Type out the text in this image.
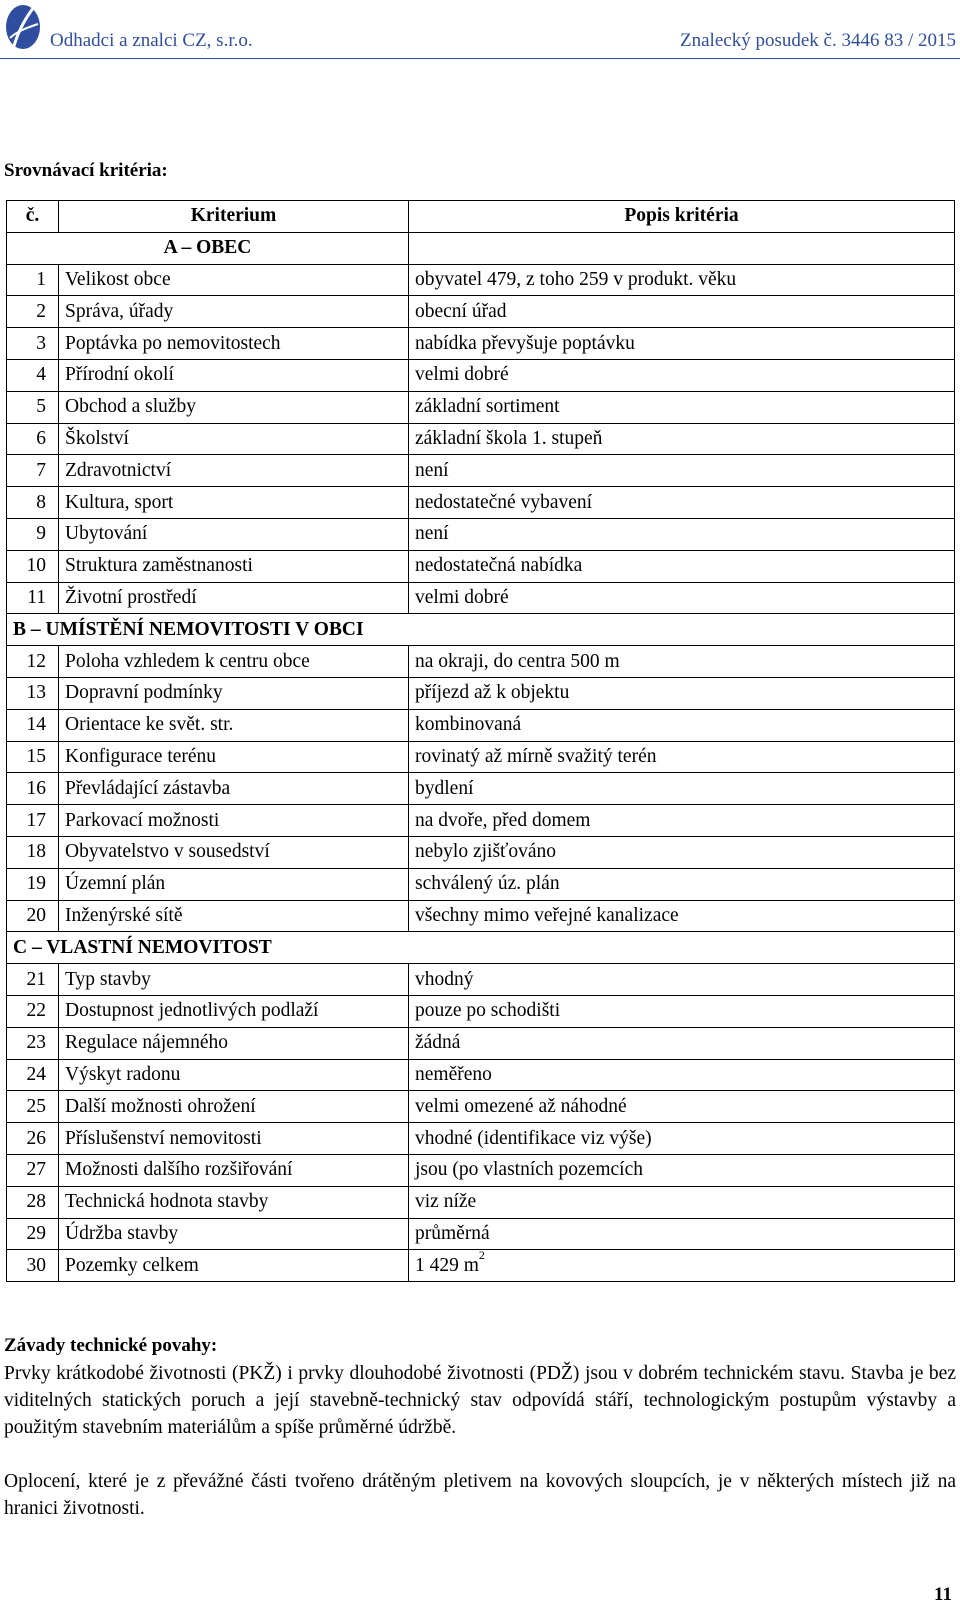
Odhadci a znalci CZ, s.r.o.	Znalecký posudek č. 3446 83 / 2015
Srovnávací kritéria:
č.	Kriterium	Popis kritéria
A – OBEC		
1	Velikost obce	obyvatel 479, z toho 259 v produkt. věku
2	Správa, úřady	obecní úřad
3	Poptávka po nemovitostech	nabídka převyšuje poptávku
4	Přírodní okolí	velmi dobré
5	Obchod a služby	základní sortiment
6	Školství	základní škola 1. stupeň
7	Zdravotnictví	není
8	Kultura, sport	nedostatečné vybavení
9	Ubytování	není
10	Struktura zaměstnanosti	nedostatečná nabídka
11	Životní prostředí	velmi dobré
B – UMÍSTĚNÍ NEMOVITOSTI V OBCI		
12	Poloha vzhledem k centru obce	na okraji, do centra 500 m
13	Dopravní podmínky	příjezd až k objektu
14	Orientace ke svět. str.	kombinovaná
15	Konfigurace terénu	rovinatý až mírně svažitý terén
16	Převládající zástavba	bydlení
17	Parkovací možnosti	na dvoře, před domem
18	Obyvatelstvo v sousedství	nebylo zjišťováno
19	Územní plán	schválený úz. plán
20	Inženýrské sítě	všechny mimo veřejné kanalizace
C – VLASTNÍ NEMOVITOST		
21	Typ stavby	vhodný
22	Dostupnost jednotlivých podlaží	pouze po schodišti
23	Regulace nájemného	žádná
24	Výskyt radonu	neměřeno
25	Další možnosti ohrožení	velmi omezené až náhodné
26	Příslušenství nemovitosti	vhodné (identifikace viz výše)
27	Možnosti dalšího rozšiřování	jsou (po vlastních pozemcích
28	Technická hodnota stavby	viz níže
29	Údržba stavby	průměrná
30	Pozemky celkem	1 429 $m^2$
Závady technické povahy:
Prvky krátkodobé životnosti (PKŽ) i prvky dlouhodobé životnosti (PDŽ) jsou v dobrém technickém stavu. Stavba je bez viditelných statických poruch a její stavebně-technický stav odpovídá stáří, technologickým postupům výstavby a použitým stavebním materiálům a spíše průměrné údržbě.
Oplocení, které je z převážné části tvořeno drátěným pletivem na kovových sloupcích, je v některých místech již na hranici životnosti.
11
